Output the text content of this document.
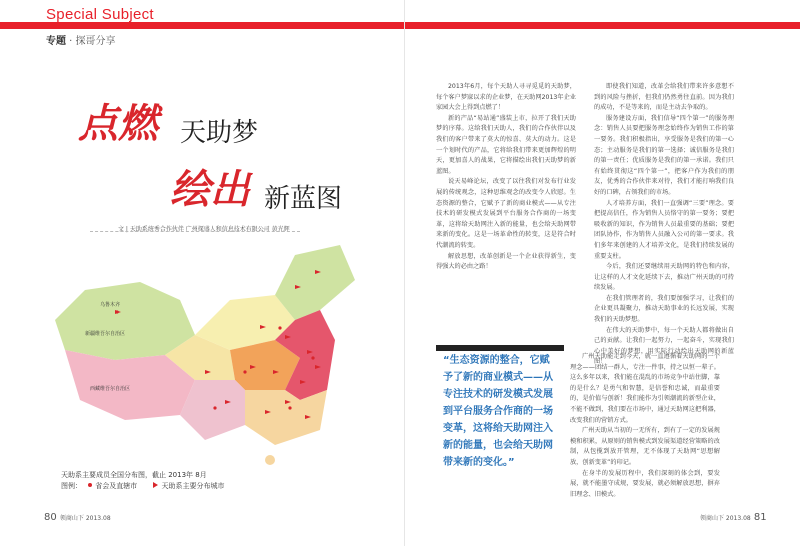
Special Subject
专题 · 探哥分享
点燃 天助梦
绘出 新蓝图
文 | 天助系统秀合作伙伴 广州探盛人和信息技术有限公司 黄光辉
乌鲁木齐
新疆维吾尔自治区
西藏维吾尔自治区
天助系主要成员全国分布图，截止 2013年 8月
图例： 省会及直辖市	天助系主要分布城市

2013年6月，每个天助人寻寻觅觅的天助梦，每个客户梦寐以求的企业梦，在天助网2013年企业家园大会上得到点燃了！

新的产品“易站通”盛装上市，拉开了我们天助梦的序幕。这给我们天助人，我们的合作伙伴以及我们的客户带来了莫大的惊喜、莫大的动力。这是一个划时代的产品，它将给我们带来更加辉煌的明天，更加喜人的战果，它将描绘出我们天助梦的新蓝图。

说天易峰论坛，改变了以往我们对发布行业发展的传统观念，这种思维观念的改变令人欣慰。生态资源的整合，它赋予了新的商业模式——从专注技术的研发模式发展到平台服务合作商的一场变革，这将给天助网注入新的能量，也会给天助网带来新的变化。这是一场革命性的转变，这是符合时代潮流的转变。

解放思想，改革创新是一个企业获得新生，变得强大的必由之路！

“生态资源的整合，它赋予了新的商业模式——从专注技术的研发模式发展到平台服务合作商的一场变革，这将给天助网注入新的能量，也会给天助网带来新的变化。”

即使我们知道，改革会给我们带来许多意想不到的风险与挫折，但我们仍然勇往直前。因为我们的成功，不是等来的，而是主动去争取的。

服务建设方面，我们信导“四个第一”的服务理念：销售人员要把服务理念始终作为销售工作的第一要务。我们积极指出，享受服务是我们的第一心态；主动服务是我们的第一选择；诚信服务是我们的第一责任；优质服务是我们的第一承诺。我们只有始终贯彻这“四个第一”，把客户作为我们的朋友，优秀的合作伙伴来对待，我们才能打响我们良好的口碑，占领我们的市场。

人才培养方面，我们一直强调“三要”理念。要把提高信任，作为销售人员恪守的第一要务；要把吸收新的知识，作为销售人员最重要的基础；要把团队协作，作为销售人员融入公司的第一要求。我们多年来创建的人才培养文化，是我们持续发展的重要支柱。

今后，我们还要继续用天助网的特色和内容，让这样的人才文化延续下去，推动广州天助的可持续发展。

在我们管理者的，我们要加强学习，让我们的企业更具凝聚力，推动天助事业的长远发展，实现我们的天助梦想。

在伟大的天助梦中，每一个天助人都将做出自己的贡献。让我们一起努力，一起奋斗，实现我们心中美好的梦想，用实际行动绘出天助网的新蓝图！

广州天助能走到今天，就一直遵循着天助网的一个理念——团结一群人，专注一件事，持之以恒一辈子。这么多年以来，我们能在混乱的市场竞争中站住脚，靠的是什么？是勇气和智慧，是信誉和忠诚，而最重要的，是价值与创新！我们能作为引领潮流的新型企业，不能不做到，我们要在市场中，通过天助网这把利器，改变我们的营销方式。

广州天助从当初的一无所有，到有了一定的发展规模和积累，从原则的销售模式到发展渠道经营策略的改制，从包揽到放开管理，无不体现了天助网“思想解放，创新变革”的印记。

在身半的发展历程中，我们深刻的体会到，要发展，就不能墨守成规，要发展，就必须解放思想，摒弃旧理念、旧模式。

80 领商山下 2013.08	领商山下 2013.08 81
